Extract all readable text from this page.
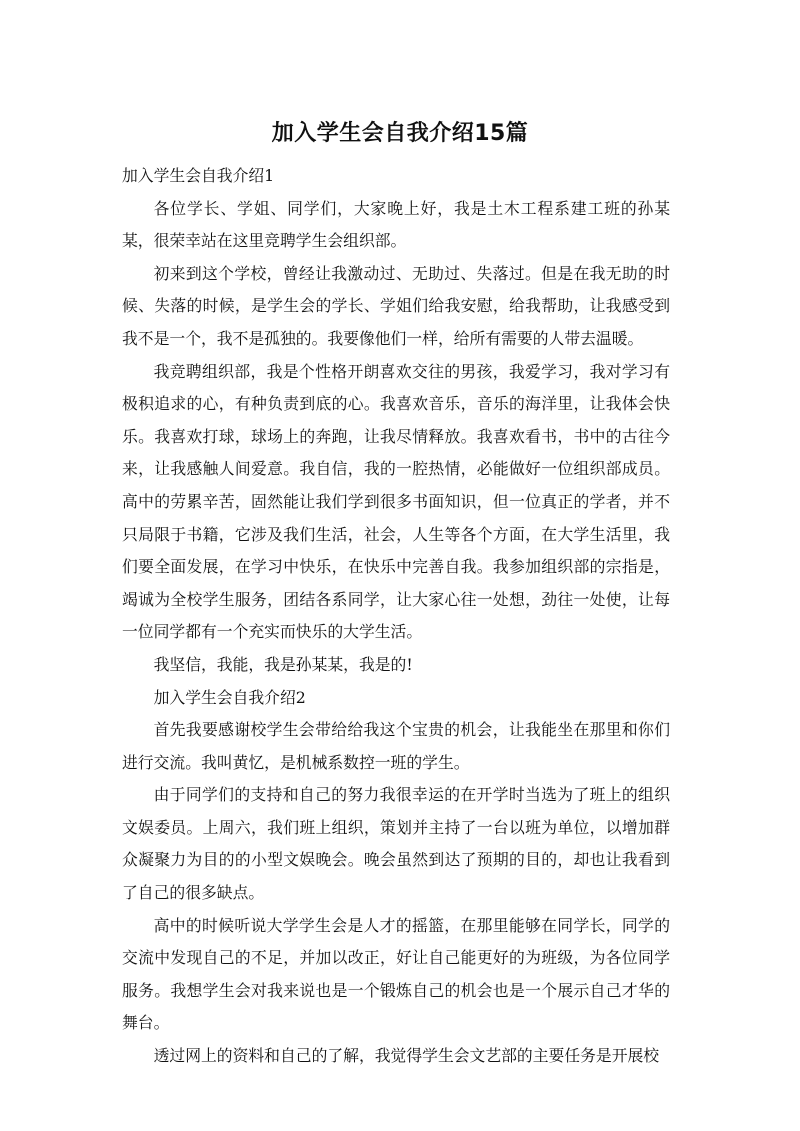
加入学生会自我介绍15篇

加入学生会自我介绍1

各位学长、学姐、同学们，大家晚上好，我是土木工程系建工班的孙某某，很荣幸站在这里竞聘学生会组织部。

初来到这个学校，曾经让我激动过、无助过、失落过。但是在我无助的时候、失落的时候，是学生会的学长、学姐们给我安慰，给我帮助，让我感受到我不是一个，我不是孤独的。我要像他们一样，给所有需要的人带去温暖。

我竞聘组织部，我是个性格开朗喜欢交往的男孩，我爱学习，我对学习有极积追求的心，有种负责到底的心。我喜欢音乐，音乐的海洋里，让我体会快乐。我喜欢打球，球场上的奔跑，让我尽情释放。我喜欢看书，书中的古往今来，让我感触人间爱意。我自信，我的一腔热情，必能做好一位组织部成员。高中的劳累辛苦，固然能让我们学到很多书面知识，但一位真正的学者，并不只局限于书籍，它涉及我们生活，社会，人生等各个方面，在大学生活里，我们要全面发展，在学习中快乐，在快乐中完善自我。我参加组织部的宗指是，竭诚为全校学生服务，团结各系同学，让大家心往一处想，劲往一处使，让每一位同学都有一个充实而快乐的大学生活。

我坚信，我能，我是孙某某，我是的!

加入学生会自我介绍2

首先我要感谢校学生会带给给我这个宝贵的机会，让我能坐在那里和你们进行交流。我叫黄忆，是机械系数控一班的学生。

由于同学们的支持和自己的努力我很幸运的在开学时当选为了班上的组织文娱委员。上周六，我们班上组织，策划并主持了一台以班为单位，以增加群众凝聚力为目的的小型文娱晚会。晚会虽然到达了预期的目的，却也让我看到了自己的很多缺点。

高中的时候听说大学学生会是人才的摇篮，在那里能够在同学长，同学的交流中发现自己的不足，并加以改正，好让自己能更好的为班级，为各位同学服务。我想学生会对我来说也是一个锻炼自己的机会也是一个展示自己才华的舞台。

透过网上的资料和自己的了解，我觉得学生会文艺部的主要任务是开展校
